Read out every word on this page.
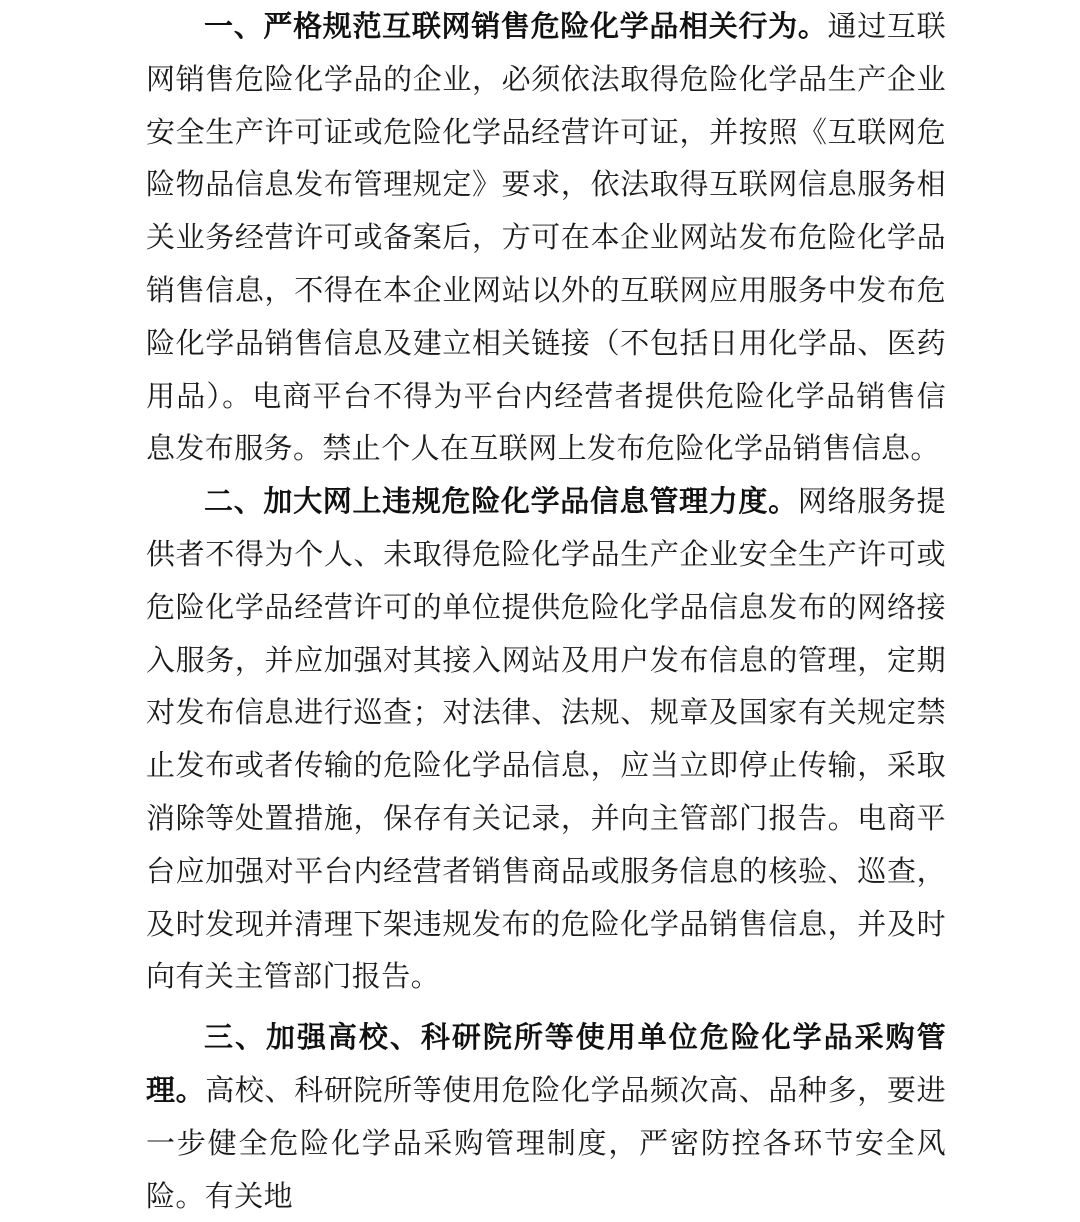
一、严格规范互联网销售危险化学品相关行为。通过互联网销售危险化学品的企业，必须依法取得危险化学品生产企业安全生产许可证或危险化学品经营许可证，并按照《互联网危险物品信息发布管理规定》要求，依法取得互联网信息服务相关业务经营许可或备案后，方可在本企业网站发布危险化学品销售信息，不得在本企业网站以外的互联网应用服务中发布危险化学品销售信息及建立相关链接（不包括日用化学品、医药用品）。电商平台不得为平台内经营者提供危险化学品销售信息发布服务。禁止个人在互联网上发布危险化学品销售信息。

二、加大网上违规危险化学品信息管理力度。网络服务提供者不得为个人、未取得危险化学品生产企业安全生产许可或危险化学品经营许可的单位提供危险化学品信息发布的网络接入服务，并应加强对其接入网站及用户发布信息的管理，定期对发布信息进行巡查；对法律、法规、规章及国家有关规定禁止发布或者传输的危险化学品信息，应当立即停止传输，采取消除等处置措施，保存有关记录，并向主管部门报告。电商平台应加强对平台内经营者销售商品或服务信息的核验、巡查，及时发现并清理下架违规发布的危险化学品销售信息，并及时向有关主管部门报告。

三、加强高校、科研院所等使用单位危险化学品采购管理。高校、科研院所等使用危险化学品频次高、品种多，要进一步健全危险化学品采购管理制度，严密防控各环节安全风险。有关地
